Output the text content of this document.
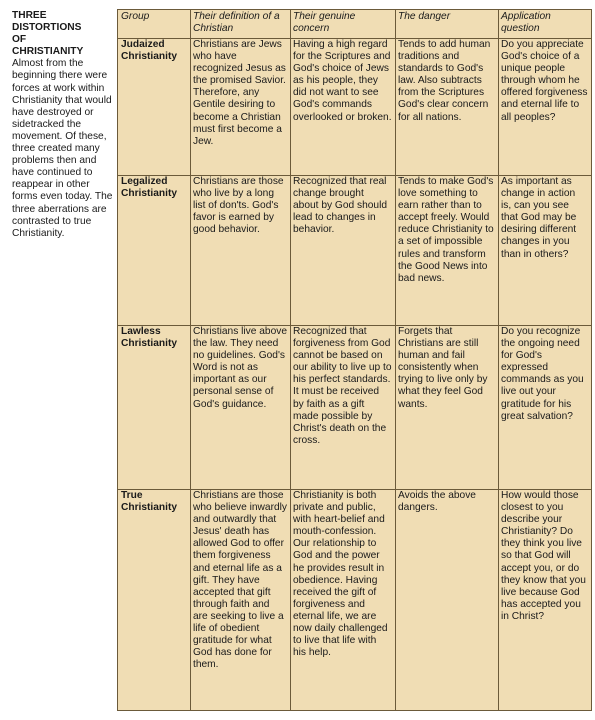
THREE
DISTORTIONS
OF
CHRISTIANITY
Almost from the beginning there were forces at work within Christianity that would have destroyed or sidetracked the movement. Of these, three created many problems then and have continued to reappear in other forms even today. The three aberrations are contrasted to true Christianity.
Group	Their definition of a Christian
Their genuine concern
The danger	Application question
Judaized Christianity
Christians are Jews who have recognized Jesus as the promised Savior. Therefore, any Gentile desiring to become a Christian must first become a Jew.
Having a high regard for the Scriptures and God's choice of Jews as his people, they did not want to see God's commands overlooked or broken.
Tends to add human traditions and standards to God's law. Also subtracts from the Scriptures God's clear concern for all nations.
Do you appreciate God's choice of a unique people through whom he offered forgiveness and eternal life to all peoples?
Legalized Christianity
Christians are those who live by a long list of don'ts. God's favor is earned by good behavior.
Recognized that real change brought about by God should lead to changes in behavior.
Tends to make God's love something to earn rather than to accept freely. Would reduce Christianity to a set of impossible rules and transform the Good News into bad news.
As important as change in action is, can you see that God may be desiring different changes in you than in others?
Lawless Christianity
Christians live above the law. They need no guidelines. God's Word is not as important as our personal sense of God's guidance.
Recognized that forgiveness from God cannot be based on our ability to live up to his perfect standards. It must be received by faith as a gift made possible by Christ's death on the cross.
Forgets that Christians are still human and fail consistently when trying to live only by what they feel God wants.
Do you recognize the ongoing need for God's expressed commands as you live out your gratitude for his great salvation?
True Christianity
Christians are those who believe inwardly and outwardly that Jesus' death has allowed God to offer them forgiveness and eternal life as a gift. They have accepted that gift through faith and are seeking to live a life of obedient gratitude for what God has done for them.
Christianity is both private and public, with heart-belief and mouth-confession. Our relationship to God and the power he provides result in obedience. Having received the gift of forgiveness and eternal life, we are now daily challenged to live that life with his help.
Avoids the above dangers.
How would those closest to you describe your Christianity? Do they think you live so that God will accept you, or do they know that you live because God has accepted you in Christ?
